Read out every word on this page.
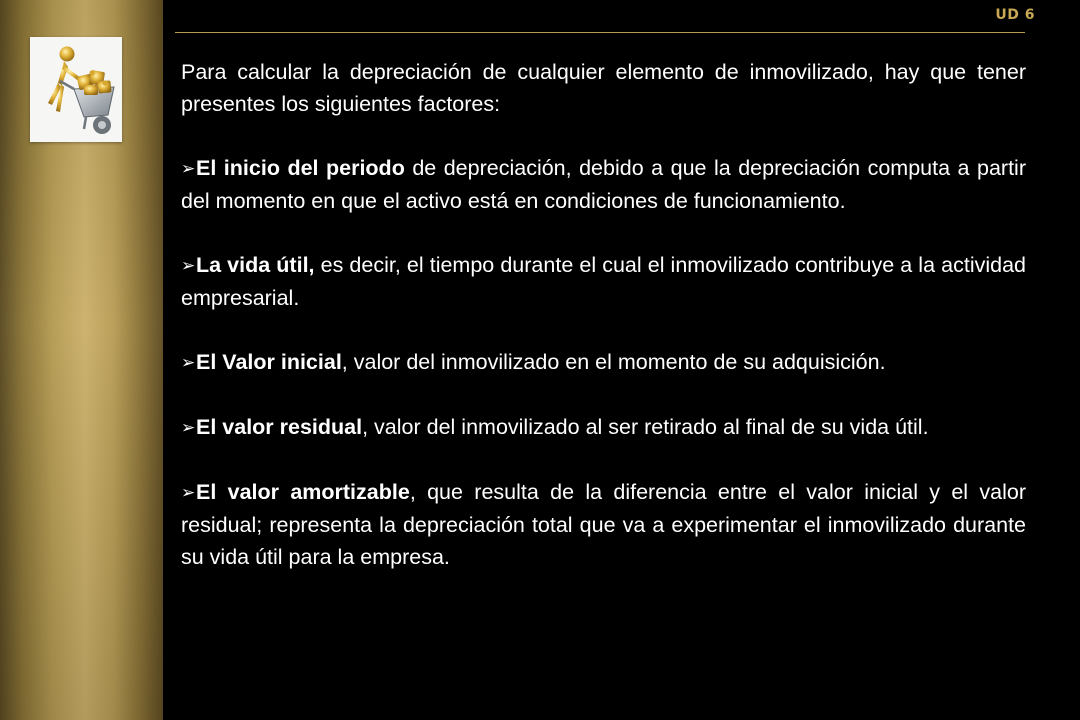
UD 6

Para calcular la depreciación de cualquier elemento de inmovilizado, hay que tener presentes los siguientes factores:

➢El inicio del periodo de depreciación, debido a que la depreciación computa a partir del momento en que el activo está en condiciones de funcionamiento.

➢La vida útil, es decir, el tiempo durante el cual el inmovilizado contribuye a la actividad empresarial.

➢El Valor inicial, valor del inmovilizado en el momento de su adquisición.

➢El valor residual, valor del inmovilizado al ser retirado al final de su vida útil.

➢El valor amortizable, que resulta de la diferencia entre el valor inicial y el valor residual; representa la depreciación total que va a experimentar el inmovilizado durante su vida útil para la empresa.
